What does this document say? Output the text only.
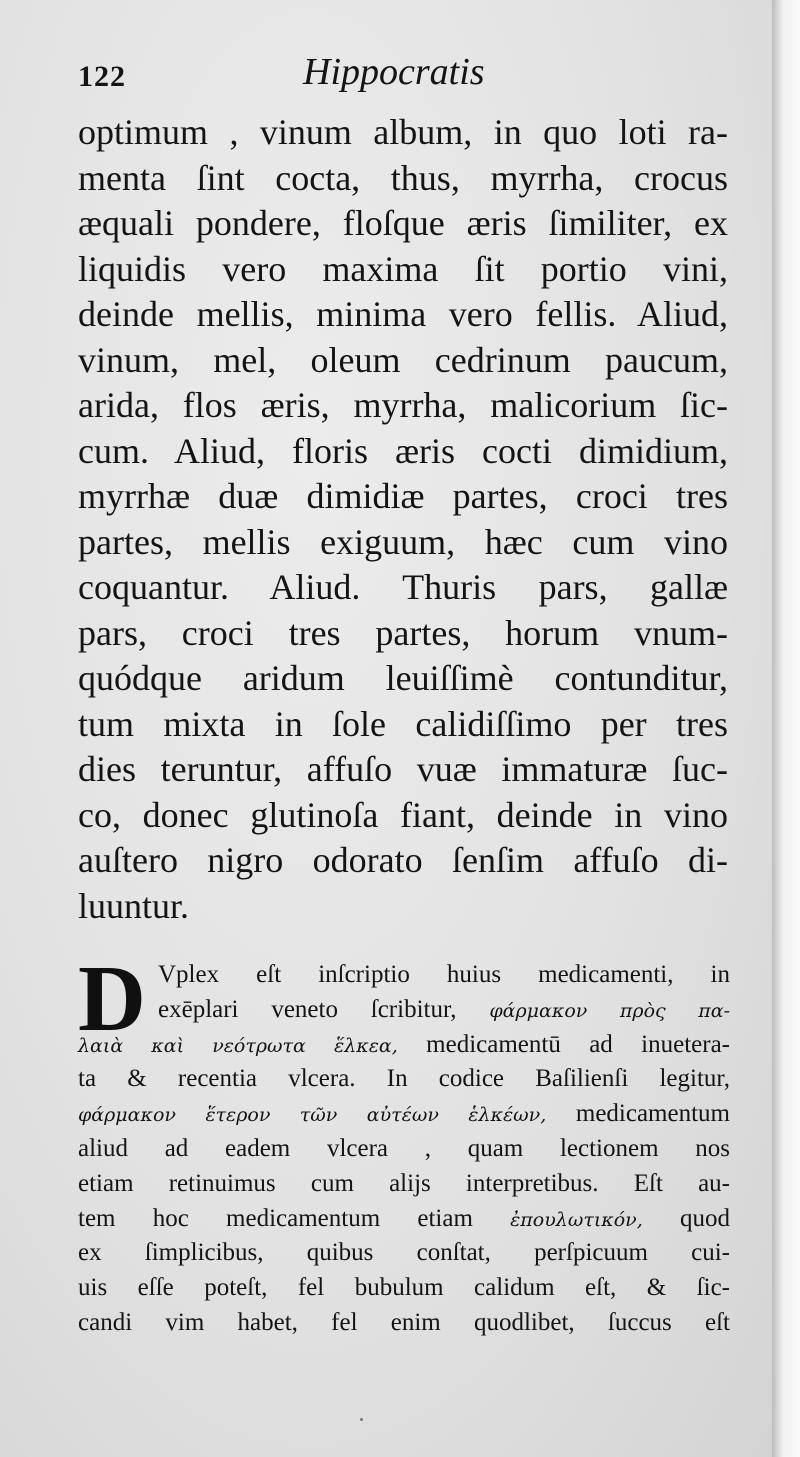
122	Hippocratis
optimum , vinum album, in quo loti ra-
menta ſint cocta, thus, myrrha, crocus
æquali pondere, floſque æris ſimiliter, ex
liquidis vero maxima ſit portio vini,
deinde mellis, minima vero fellis. Aliud,
vinum, mel, oleum cedrinum paucum,
arida, flos æris, myrrha, malicorium ſic-
cum. Aliud, floris æris cocti dimidium,
myrrhæ duæ dimidiæ partes, croci tres
partes, mellis exiguum, hæc cum vino
coquantur. Aliud. Thuris pars, gallæ
pars, croci tres partes, horum vnum-
quódque aridum leuiſſimè contunditur,
tum mixta in ſole calidiſſimo per tres
dies teruntur, affuſo vuæ immaturæ ſuc-
co, donec glutinoſa fiant, deinde in vino
auſtero nigro odorato ſenſim affuſo di-
luuntur.
D Vplex eſt inſcriptio huius medicamenti, in
exēplari veneto ſcribitur, φάρμακον πρὸς πα-
λαιὰ καὶ νεότρωτα ἕλκεα, medicamentū ad inuetera-
ta & recentia vlcera. In codice Baſilienſi legitur,
φάρμακον ἕτερον τῶν αὐτέων ἑλκέων, medicamentum
aliud ad eadem vlcera , quam lectionem nos
etiam retinuimus cum alijs interpretibus. Eſt au-
tem hoc medicamentum etiam ἐπουλωτικόν, quod
ex ſimplicibus, quibus conſtat, perſpicuum cui-
uis eſſe poteſt, fel bubulum calidum eſt, & ſic-
candi vim habet, fel enim quodlibet, ſuccus eſt
